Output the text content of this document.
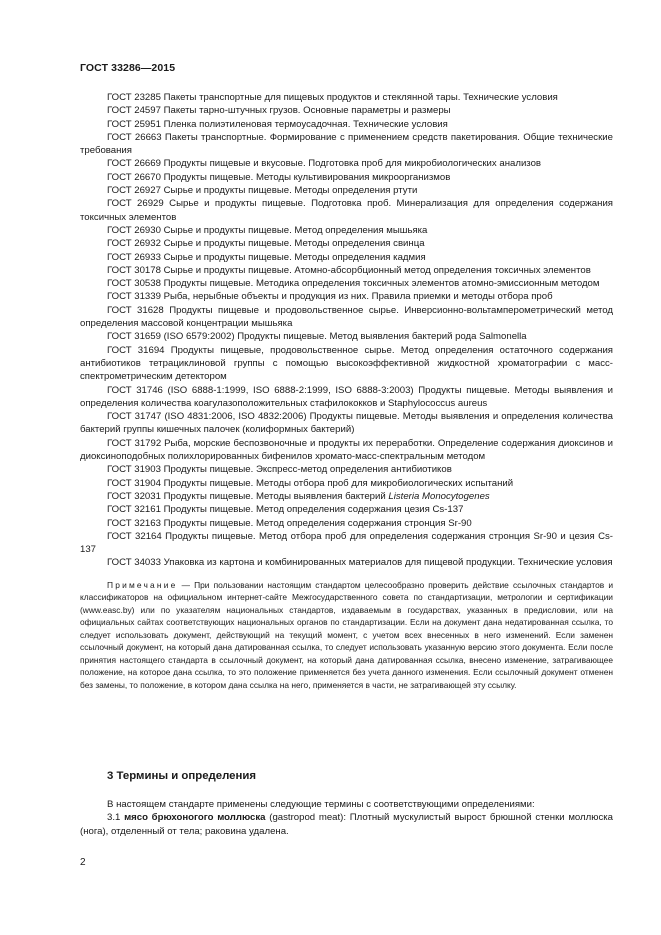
ГОСТ 33286—2015

ГОСТ 23285 Пакеты транспортные для пищевых продуктов и стеклянной тары. Технические условия

ГОСТ 24597 Пакеты тарно-штучных грузов. Основные параметры и размеры

ГОСТ 25951 Пленка полиэтиленовая термоусадочная. Технические условия

ГОСТ 26663 Пакеты транспортные. Формирование с применением средств пакетирования. Общие технические требования

ГОСТ 26669 Продукты пищевые и вкусовые. Подготовка проб для микробиологических анализов

ГОСТ 26670 Продукты пищевые. Методы культивирования микроорганизмов

ГОСТ 26927 Сырье и продукты пищевые. Методы определения ртути

ГОСТ 26929 Сырье и продукты пищевые. Подготовка проб. Минерализация для определения содержания токсичных элементов

ГОСТ 26930 Сырье и продукты пищевые. Метод определения мышьяка

ГОСТ 26932 Сырье и продукты пищевые. Методы определения свинца

ГОСТ 26933 Сырье и продукты пищевые. Методы определения кадмия

ГОСТ 30178 Сырье и продукты пищевые. Атомно-абсорбционный метод определения токсичных элементов

ГОСТ 30538 Продукты пищевые. Методика определения токсичных элементов атомно-эмиссионным методом

ГОСТ 31339 Рыба, нерыбные объекты и продукция из них. Правила приемки и методы отбора проб

ГОСТ 31628 Продукты пищевые и продовольственное сырье. Инверсионно-вольтамперометрический метод определения массовой концентрации мышьяка

ГОСТ 31659 (ISO 6579:2002) Продукты пищевые. Метод выявления бактерий рода Salmonella

ГОСТ 31694 Продукты пищевые, продовольственное сырье. Метод определения остаточного содержания антибиотиков тетрациклиновой группы с помощью высокоэффективной жидкостной хроматографии с масс-спектрометрическим детектором

ГОСТ 31746 (ISO 6888-1:1999, ISO 6888-2:1999, ISO 6888-3:2003) Продукты пищевые. Методы выявления и определения количества коагулазоположительных стафилококков и Staphylococcus aureus

ГОСТ 31747 (ISO 4831:2006, ISO 4832:2006) Продукты пищевые. Методы выявления и определения количества бактерий группы кишечных палочек (колиформных бактерий)

ГОСТ 31792 Рыба, морские беспозвоночные и продукты их переработки. Определение содержания диоксинов и диоксиноподобных полихлорированных бифенилов хромато-масс-спектральным методом

ГОСТ 31903 Продукты пищевые. Экспресс-метод определения антибиотиков

ГОСТ 31904 Продукты пищевые. Методы отбора проб для микробиологических испытаний

ГОСТ 32031 Продукты пищевые. Методы выявления бактерий Listeria Monocytogenes

ГОСТ 32161 Продукты пищевые. Метод определения содержания цезия Cs-137

ГОСТ 32163 Продукты пищевые. Метод определения содержания стронция Sr-90

ГОСТ 32164 Продукты пищевые. Метод отбора проб для определения содержания стронция Sr-90 и цезия Cs-137

ГОСТ 34033 Упаковка из картона и комбинированных материалов для пищевой продукции. Технические условия

Примечание — При пользовании настоящим стандартом целесообразно проверить действие ссылочных стандартов и классификаторов на официальном интернет-сайте Межгосударственного совета по стандартизации, метрологии и сертификации (www.easc.by) или по указателям национальных стандартов, издаваемым в государствах, указанных в предисловии, или на официальных сайтах соответствующих национальных органов по стандартизации. Если на документ дана недатированная ссылка, то следует использовать документ, действующий на текущий момент, с учетом всех внесенных в него изменений. Если заменен ссылочный документ, на который дана датированная ссылка, то следует использовать указанную версию этого документа. Если после принятия настоящего стандарта в ссылочный документ, на который дана датированная ссылка, внесено изменение, затрагивающее положение, на которое дана ссылка, то это положение применяется без учета данного изменения. Если ссылочный документ отменен без замены, то положение, в котором дана ссылка на него, применяется в части, не затрагивающей эту ссылку.

3 Термины и определения

В настоящем стандарте применены следующие термины с соответствующими определениями:

3.1 мясо брюхоногого моллюска (gastropod meat): Плотный мускулистый вырост брюшной стенки моллюска (нога), отделенный от тела; раковина удалена.

2
